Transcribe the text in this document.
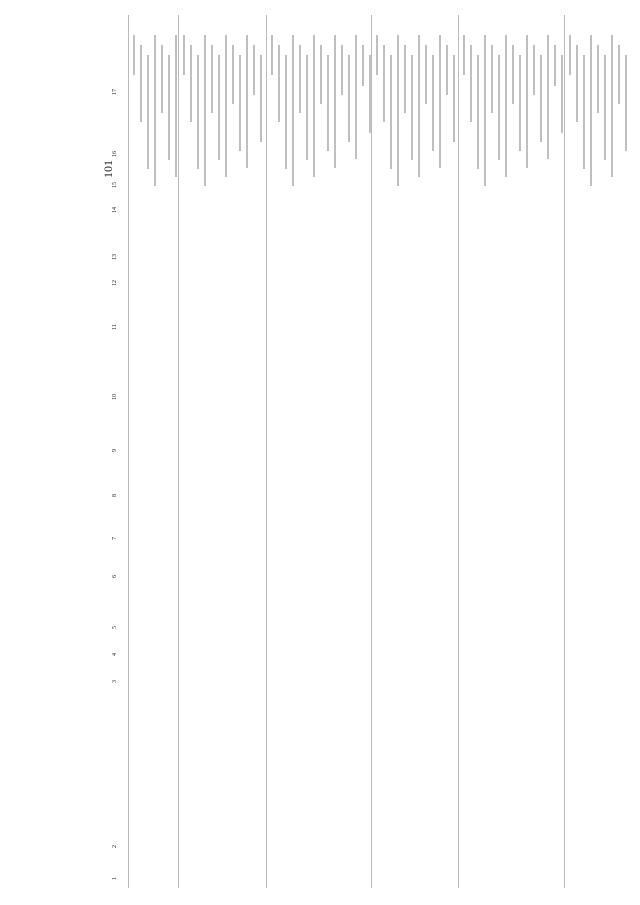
101
1
2
3
4
5
6
7
8
9
10
11
12
13
14
15
16
17
